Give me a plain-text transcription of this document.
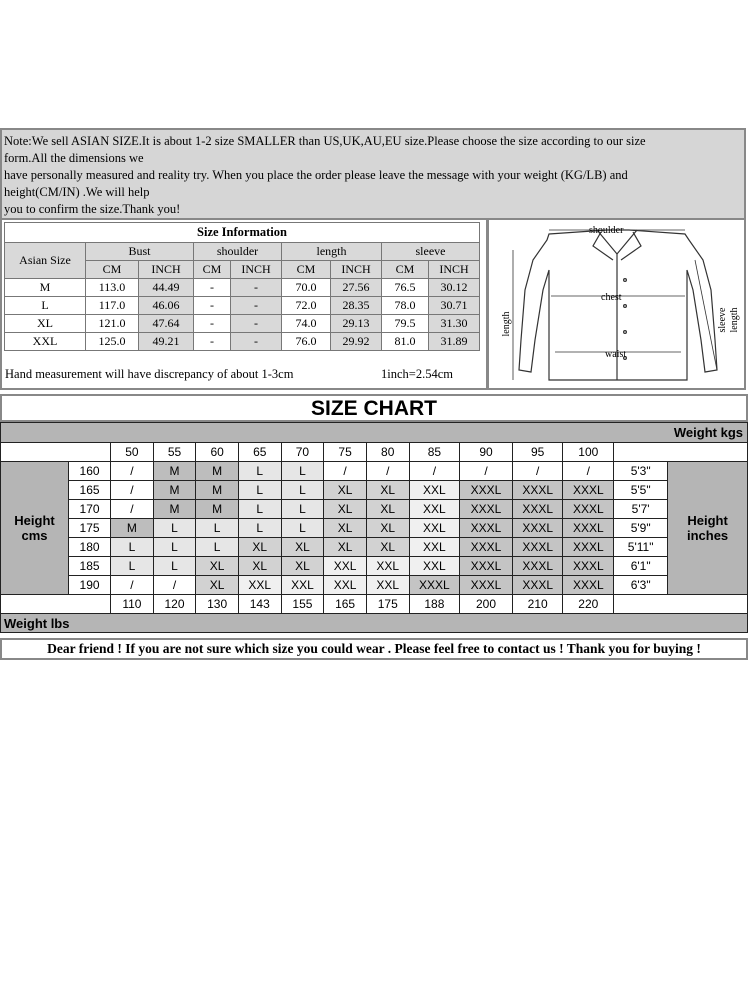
Note:We sell ASIAN SIZE.It is about 1-2 size SMALLER than US,UK,AU,EU size.Please choose the size according to our size
form.All the dimensions we
have personally measured and reality try. When you place the order please leave the message with your weight (KG/LB) and
height(CM/IN) .We will help
you to confirm the size.Thank you!
Size Information								
Asian Size	Bust		shoulder		length		sleeve	
	CM	INCH	CM	INCH	CM	INCH	CM	INCH
M	113.0	44.49	-	-	70.0	27.56	76.5	30.12
L	117.0	46.06	-	-	72.0	28.35	78.0	30.71
XL	121.0	47.64	-	-	74.0	29.13	79.5	31.30
XXL	125.0	49.21	-	-	76.0	29.92	81.0	31.89
Hand measurement will have discrepancy of about 1-3cm	1inch=2.54cm
shoulder
chest
waist
length	sleeve length
SIZE CHART
Weight kgs														
		50	55	60	65	70	75	80	85	90	95	100		
Height
cms	160	/	M	M	L	L	/	/	/	/	/	/	5'3"	Height
inches
	165	/	M	M	L	L	XL	XL	XXL	XXXL	XXXL	XXXL	5'5"	
	170	/	M	M	L	L	XL	XL	XXL	XXXL	XXXL	XXXL	5'7'	
	175	M	L	L	L	L	XL	XL	XXL	XXXL	XXXL	XXXL	5'9"	
	180	L	L	L	XL	XL	XL	XL	XXL	XXXL	XXXL	XXXL	5'11"	
	185	L	L	XL	XL	XL	XXL	XXL	XXL	XXXL	XXXL	XXXL	6'1"	
	190	/	/	XL	XXL	XXL	XXL	XXL	XXXL	XXXL	XXXL	XXXL	6'3"	
		110	120	130	143	155	165	175	188	200	210	220		
Weight lbs														
Dear friend ! If you are not sure which size you could wear . Please feel free to contact us ! Thank you for buying !
